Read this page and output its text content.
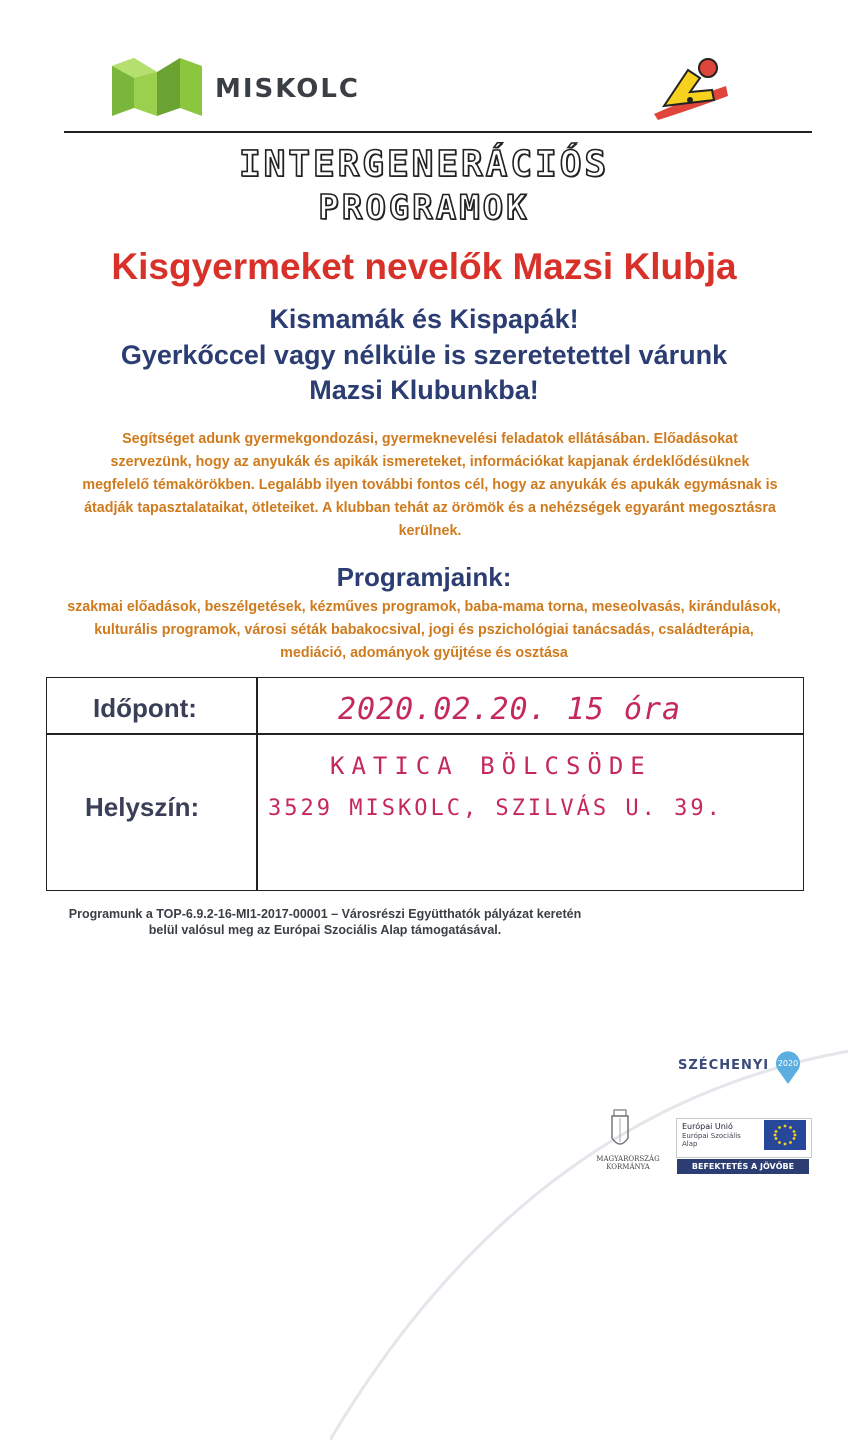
MISKOLC
INTERGENERÁCIÓS
PROGRAMOK
Kisgyermeket nevelők Mazsi Klubja
Kismamák és Kispapák!
Gyerkőccel vagy nélküle is szeretetettel várunk
Mazsi Klubunkba!
Segítséget adunk gyermekgondozási, gyermeknevelési feladatok ellátásában. Előadásokat szervezünk, hogy az anyukák és apikák ismereteket, információkat kapjanak érdeklődésüknek megfelelő témakörökben. Legalább ilyen további fontos cél, hogy az anyukák és apukák egymásnak is átadják tapasztalataikat, ötleteiket. A klubban tehát az örömök és a nehézségek egyaránt megosztásra kerülnek.
Programjaink:
szakmai előadások, beszélgetések, kézműves programok, baba-mama torna, meseolvasás, kirándulások, kulturális programok, városi séták babakocsival, jogi és pszichológiai tanácsadás, családterápia, mediáció, adományok gyűjtése és osztása
Időpont:	2020.02.20. 15 óra
Helyszín:
KATICA BÖLCSÖDE
3529 MISKOLC, SZILVÁS U. 39.
Programunk a TOP-6.9.2-16-MI1-2017-00001 – Városrészi Együtthatók pályázat keretén belül valósul meg az Európai Szociális Alap támogatásával.
SZÉCHENYI 2020
MAGYARORSZÁG KORMÁNYA
Európai Unió
Európai Szociális Alap
BEFEKTETÉS A JÖVŐBE
